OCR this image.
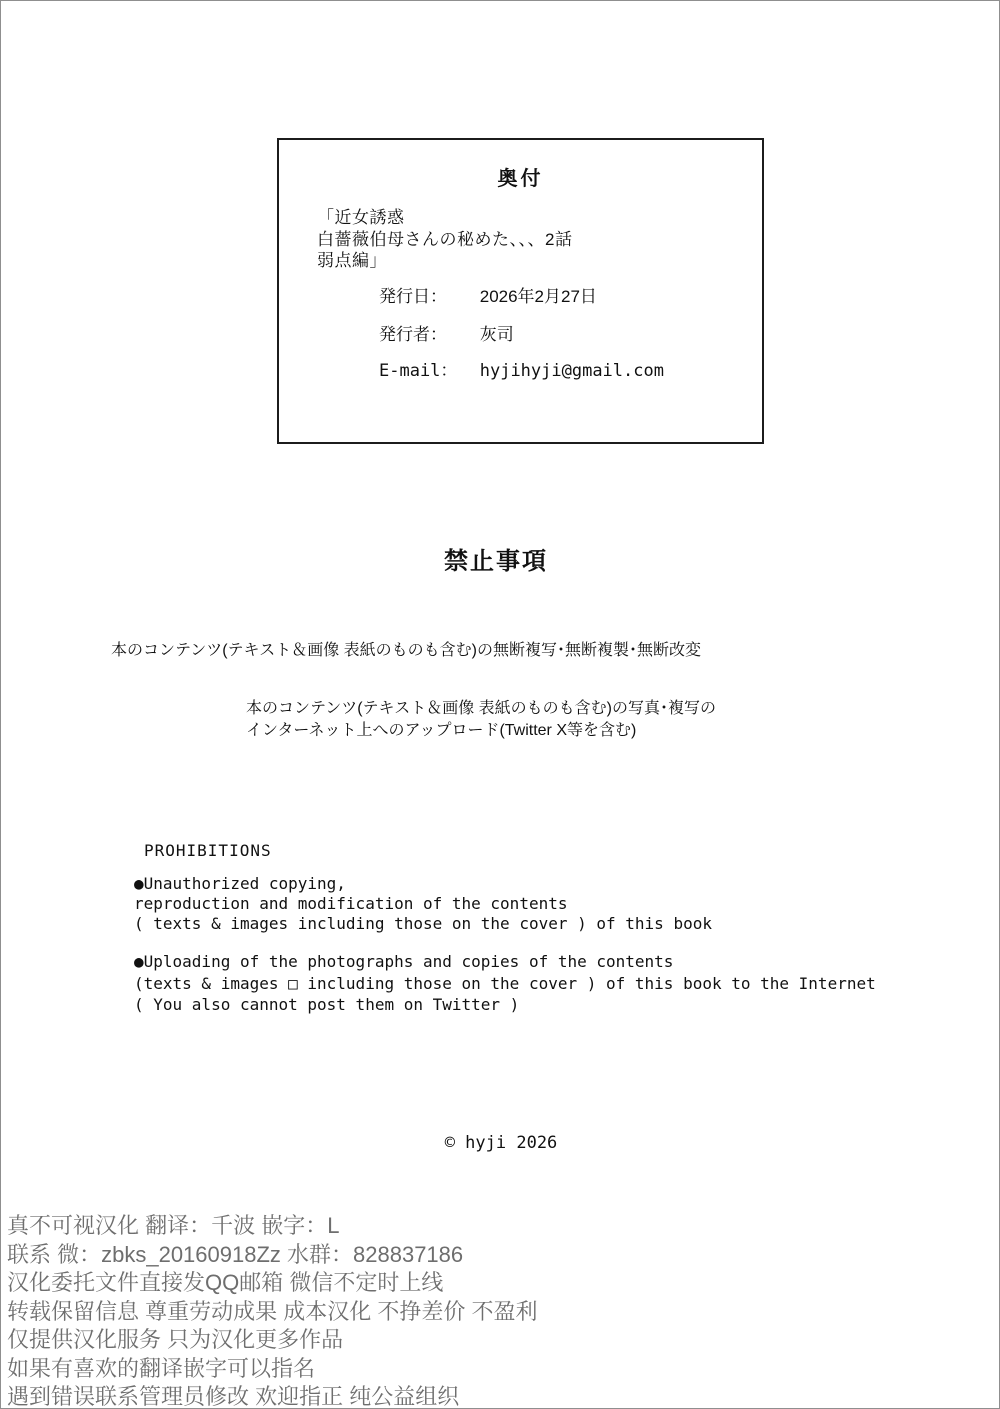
奥付
「近女誘惑
白薔薇伯母さんの秘めた、、、2話
弱点編」
発行日： 2026年2月27日
発行者： 灰司
E-mail： hyjihyji@gmail.com
禁止事項
本のコンテンツ(テキスト＆画像 表紙のものも含む)の無断複写･無断複製･無断改変
本のコンテンツ(テキスト＆画像 表紙のものも含む)の写真･複写の
インターネット上へのアップロード(Twitter X等を含む)
PROHIBITIONS
●Unauthorized copying,
reproduction and modification of the contents
( texts & images including those on the cover ) of this book
●Uploading of the photographs and copies of the contents
(texts & images □ including those on the cover ) of this book to the Internet
( You also cannot post them on Twitter )
© hyji 2026
真不可视汉化 翻译：千波 嵌字：L
联系 微：zbks_20160918Zz 水群：828837186
汉化委托文件直接发QQ邮箱 微信不定时上线
转载保留信息 尊重劳动成果 成本汉化 不挣差价 不盈利
仅提供汉化服务 只为汉化更多作品
如果有喜欢的翻译嵌字可以指名
遇到错误联系管理员修改 欢迎指正 纯公益组织
